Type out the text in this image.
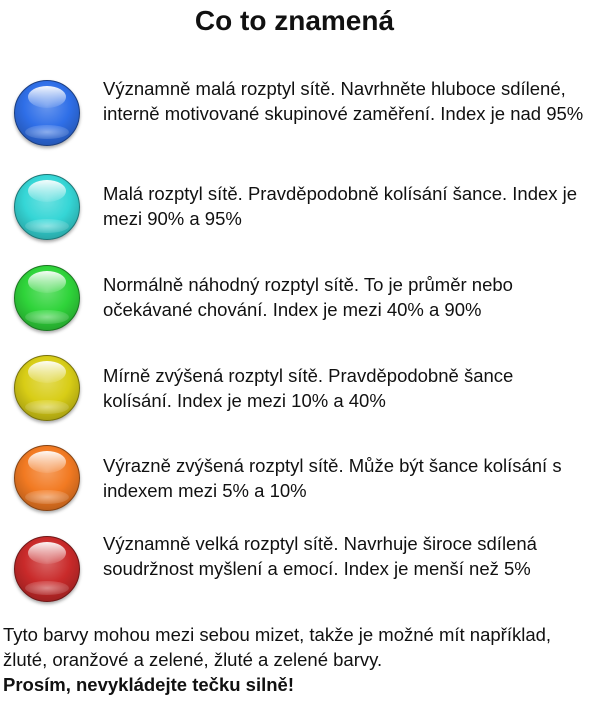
Co to znamená

Významně malá rozptyl sítě. Navrhněte hluboce sdílené, interně motivované skupinové zaměření. Index je nad 95%

Malá rozptyl sítě. Pravděpodobně kolísání šance. Index je mezi 90% a 95%

Normálně náhodný rozptyl sítě. To je průměr nebo očekávané chování. Index je mezi 40% a 90%

Mírně zvýšená rozptyl sítě. Pravděpodobně šance kolísání. Index je mezi 10% a 40%

Výrazně zvýšená rozptyl sítě. Může být šance kolísání s indexem mezi 5% a 10%

Významně velká rozptyl sítě. Navrhuje široce sdílená soudržnost myšlení a emocí. Index je menší než 5%

Tyto barvy mohou mezi sebou mizet, takže je možné mít například, žluté, oranžové a zelené, žluté a zelené barvy.
Prosím, nevykládejte tečku silně!
